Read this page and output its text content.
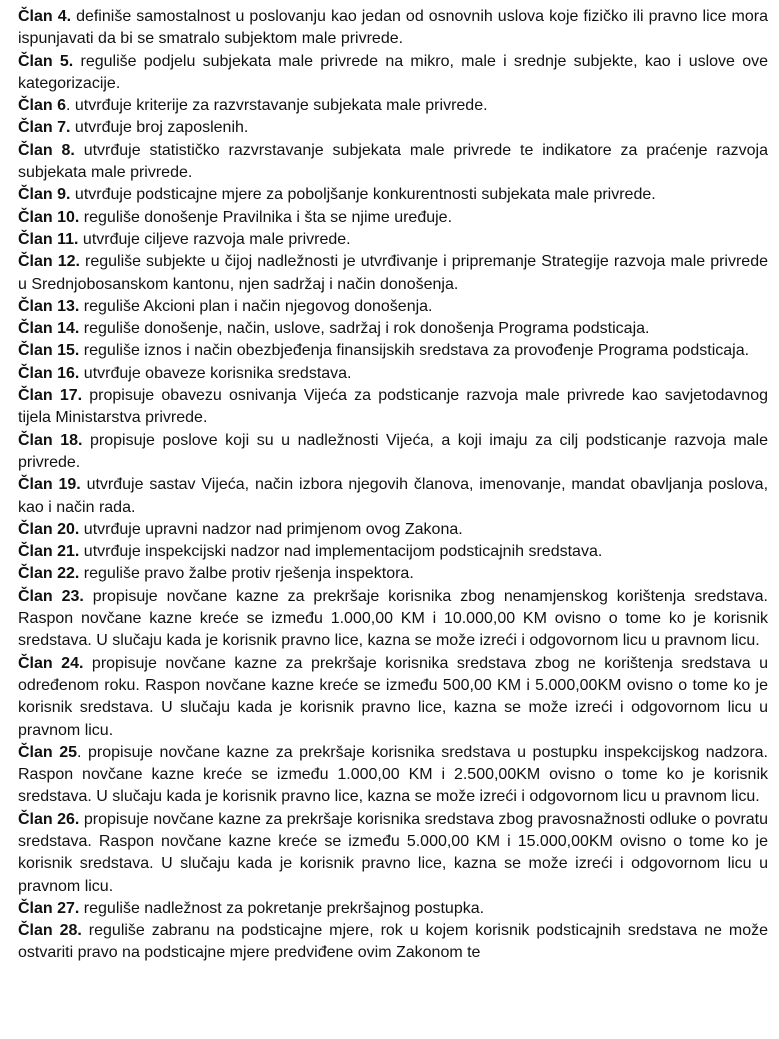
Član 4. definiše samostalnost u poslovanju kao jedan od osnovnih uslova koje fizičko ili pravno lice mora ispunjavati da bi se smatralo subjektom male privrede.

Član 5. reguliše podjelu subjekata male privrede na mikro, male i srednje subjekte, kao i uslove ove kategorizacije.

Član 6. utvrđuje kriterije za razvrstavanje subjekata male privrede.

Član 7. utvrđuje broj zaposlenih.

Član 8. utvrđuje statističko razvrstavanje subjekata male privrede te indikatore za praćenje razvoja subjekata male privrede.

Član 9. utvrđuje podsticajne mjere za poboljšanje konkurentnosti subjekata male privrede.

Član 10. reguliše donošenje Pravilnika i šta se njime uređuje.

Član 11. utvrđuje ciljeve razvoja male privrede.

Član 12. reguliše subjekte u čijoj nadležnosti je utvrđivanje i pripremanje Strategije razvoja male privrede u Srednjobosanskom kantonu, njen sadržaj i način donošenja.

Član 13. reguliše Akcioni plan i način njegovog donošenja.

Član 14. reguliše donošenje, način, uslove, sadržaj i rok donošenja Programa podsticaja.

Član 15. reguliše iznos i način obezbjeđenja finansijskih sredstava za provođenje Programa podsticaja.

Član 16. utvrđuje obaveze korisnika sredstava.

Član 17. propisuje obavezu osnivanja Vijeća za podsticanje razvoja male privrede kao savjetodavnog tijela Ministarstva privrede.

Član 18. propisuje poslove koji su u nadležnosti Vijeća, a koji imaju za cilj podsticanje razvoja male privrede.

Član 19. utvrđuje sastav Vijeća, način izbora njegovih članova, imenovanje, mandat obavljanja poslova, kao i način rada.

Član 20. utvrđuje upravni nadzor nad primjenom ovog Zakona.

Član 21. utvrđuje inspekcijski nadzor nad implementacijom podsticajnih sredstava.

Član 22. reguliše pravo žalbe protiv rješenja inspektora.

Član 23. propisuje novčane kazne za prekršaje korisnika zbog nenamjenskog korištenja sredstava. Raspon novčane kazne kreće se između 1.000,00 KM i 10.000,00 KM ovisno o tome ko je korisnik sredstava. U slučaju kada je korisnik pravno lice, kazna se može izreći i odgovornom licu u pravnom licu.

Član 24. propisuje novčane kazne za prekršaje korisnika sredstava zbog ne korištenja sredstava u određenom roku. Raspon novčane kazne kreće se između 500,00 KM i 5.000,00KM ovisno o tome ko je korisnik sredstava. U slučaju kada je korisnik pravno lice, kazna se može izreći i odgovornom licu u pravnom licu.

Član 25. propisuje novčane kazne za prekršaje korisnika sredstava u postupku inspekcijskog nadzora. Raspon novčane kazne kreće se između 1.000,00 KM i 2.500,00KM ovisno o tome ko je korisnik sredstava. U slučaju kada je korisnik pravno lice, kazna se može izreći i odgovornom licu u pravnom licu.

Član 26. propisuje novčane kazne za prekršaje korisnika sredstava zbog pravosnažnosti odluke o povratu sredstava. Raspon novčane kazne kreće se između 5.000,00 KM i 15.000,00KM ovisno o tome ko je korisnik sredstava. U slučaju kada je korisnik pravno lice, kazna se može izreći i odgovornom licu u pravnom licu.

Član 27. reguliše nadležnost za pokretanje prekršajnog postupka.

Član 28. reguliše zabranu na podsticajne mjere, rok u kojem korisnik podsticajnih sredstava ne može ostvariti pravo na podsticajne mjere predviđene ovim Zakonom te
